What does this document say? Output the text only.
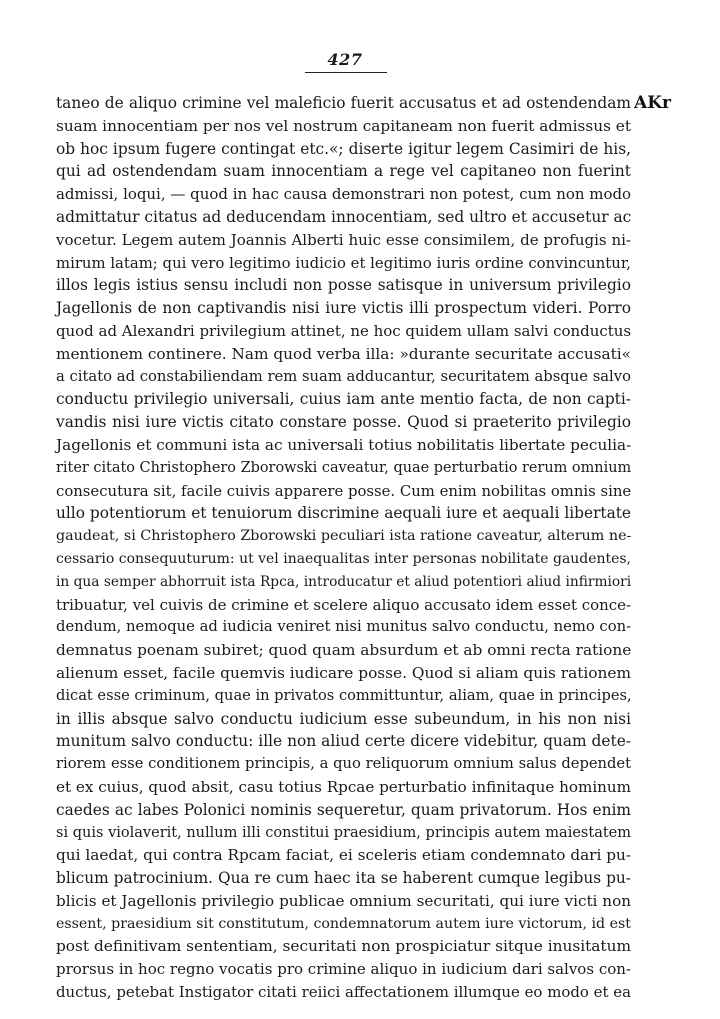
427
AKr
taneo de aliquo crimine vel maleficio fuerit accusatus et ad ostendendam
suam innocentiam per nos vel nostrum capitaneam non fuerit admissus et
ob hoc ipsum fugere contingat etc.«; diserte igitur legem Casimiri de his,
qui ad ostendendam suam innocentiam a rege vel capitaneo non fuerint
admissi, loqui, — quod in hac causa demonstrari non potest, cum non modo
admittatur citatus ad deducendam innocentiam, sed ultro et accusetur ac
vocetur. Legem autem Joannis Alberti huic esse consimilem, de profugis ni-
mirum latam; qui vero legitimo iudicio et legitimo iuris ordine convincuntur,
illos legis istius sensu includi non posse satisque in universum privilegio
Jagellonis de non captivandis nisi iure victis illi prospectum videri. Porro
quod ad Alexandri privilegium attinet, ne hoc quidem ullam salvi conductus
mentionem continere. Nam quod verba illa: »durante securitate accusati«
a citato ad constabiliendam rem suam adducantur, securitatem absque salvo
conductu privilegio universali, cuius iam ante mentio facta, de non capti-
vandis nisi iure victis citato constare posse. Quod si praeterito privilegio
Jagellonis et communi ista ac universali totius nobilitatis libertate peculia-
riter citato Christophero Zborowski caveatur, quae perturbatio rerum omnium
consecutura sit, facile cuivis apparere posse. Cum enim nobilitas omnis sine
ullo potentiorum et tenuiorum discrimine aequali iure et aequali libertate
gaudeat, si Christophero Zborowski peculiari ista ratione caveatur, alterum ne-
cessario consequuturum: ut vel inaequalitas inter personas nobilitate gaudentes,
in qua semper abhorruit ista Rpca, introducatur et aliud potentiori aliud infirmiori
tribuatur, vel cuivis de crimine et scelere aliquo accusato idem esset conce-
dendum, nemoque ad iudicia veniret nisi munitus salvo conductu, nemo con-
demnatus poenam subiret; quod quam absurdum et ab omni recta ratione
alienum esset, facile quemvis iudicare posse. Quod si aliam quis rationem
dicat esse criminum, quae in privatos committuntur, aliam, quae in principes,
in illis absque salvo conductu iudicium esse subeundum, in his non nisi
munitum salvo conductu: ille non aliud certe dicere videbitur, quam dete-
riorem esse conditionem principis, a quo reliquorum omnium salus dependet
et ex cuius, quod absit, casu totius Rpcae perturbatio infinitaque hominum
caedes ac labes Polonici nominis sequeretur, quam privatorum. Hos enim
si quis violaverit, nullum illi constitui praesidium, principis autem maiestatem
qui laedat, qui contra Rpcam faciat, ei sceleris etiam condemnato dari pu-
blicum patrocinium. Qua re cum haec ita se haberent cumque legibus pu-
blicis et Jagellonis privilegio publicae omnium securitati, qui iure victi non
essent, praesidium sit constitutum, condemnatorum autem iure victorum, id est
post definitivam sententiam, securitati non prospiciatur sitque inusitatum
prorsus in hoc regno vocatis pro crimine aliquo in iudicium dari salvos con-
ductus, petebat Instigator citati reiici affectationem illumque eo modo et ea
